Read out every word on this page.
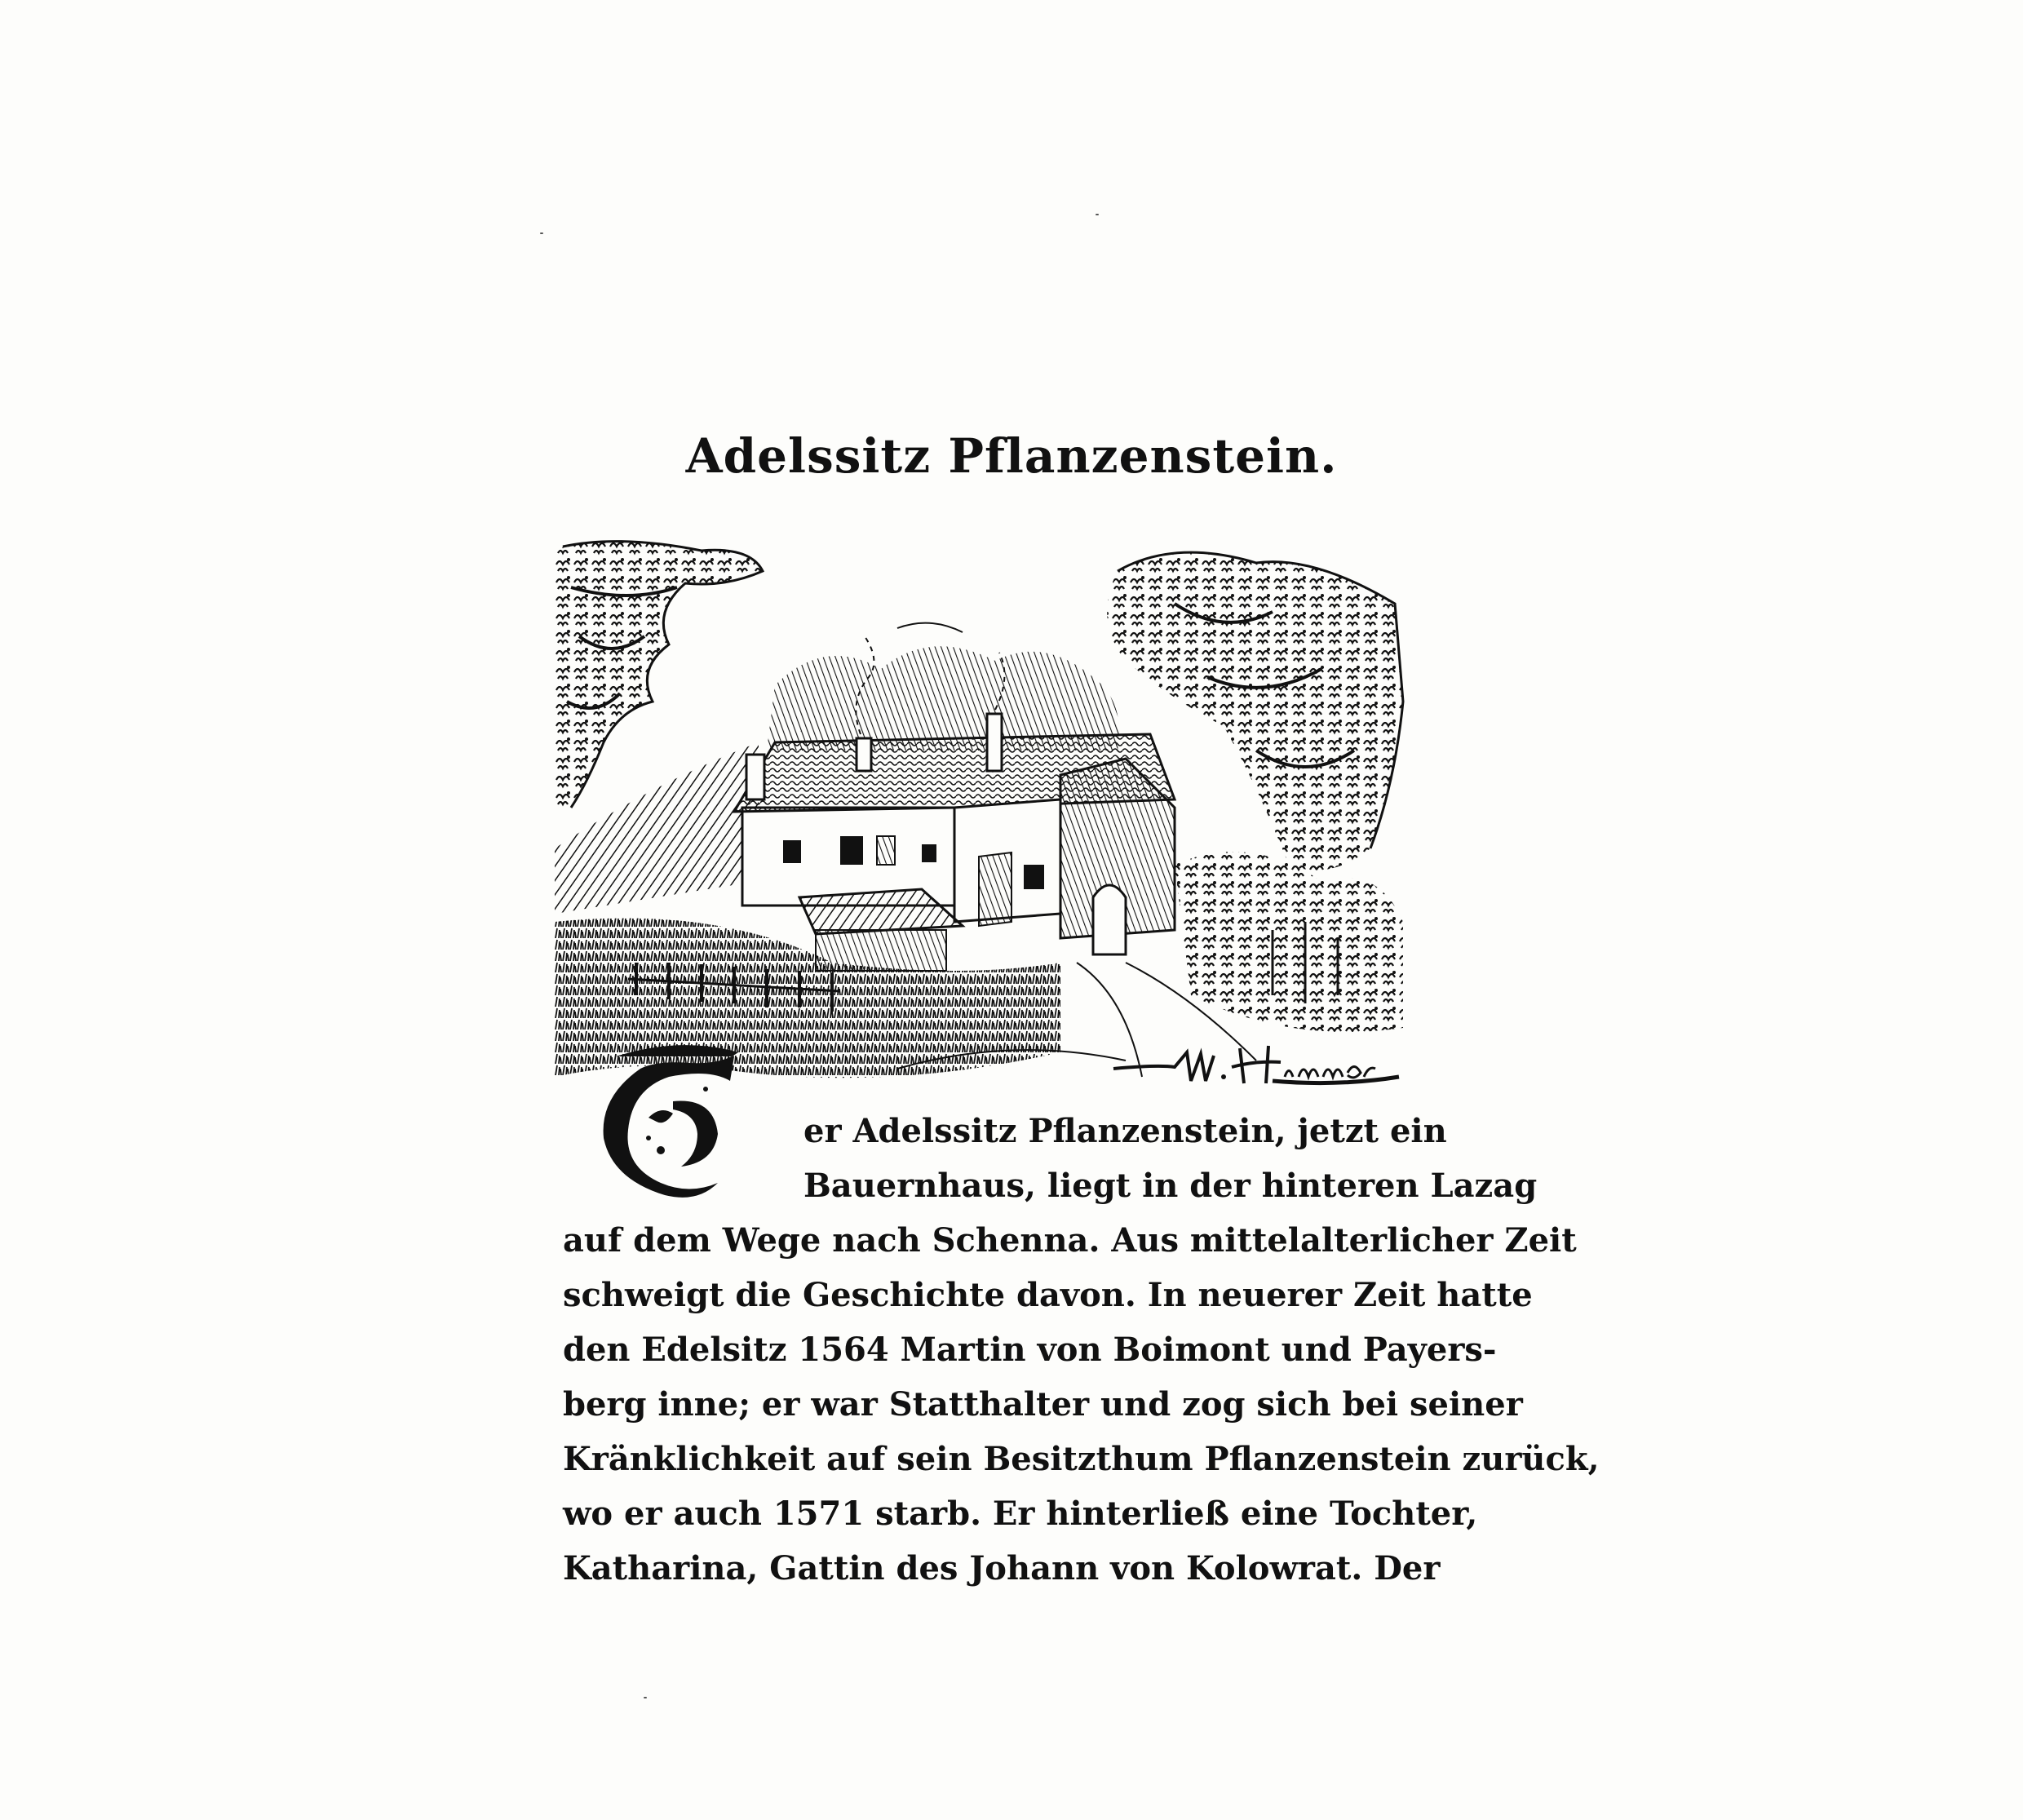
Adelssitz Pflanzenstein.
er Adelssitz Pflanzenstein, jetzt ein
Bauernhaus, liegt in der hinteren Lazag
auf dem Wege nach Schenna. Aus mittelalterlicher Zeit
schweigt die Geschichte davon. In neuerer Zeit hatte
den Edelsitz 1564 Martin von Boimont und Payers-
berg inne; er war Statthalter und zog sich bei seiner
Kränklichkeit auf sein Besitzthum Pflanzenstein zurück,
wo er auch 1571 starb. Er hinterließ eine Tochter,
Katharina, Gattin des Johann von Kolowrat. Der
